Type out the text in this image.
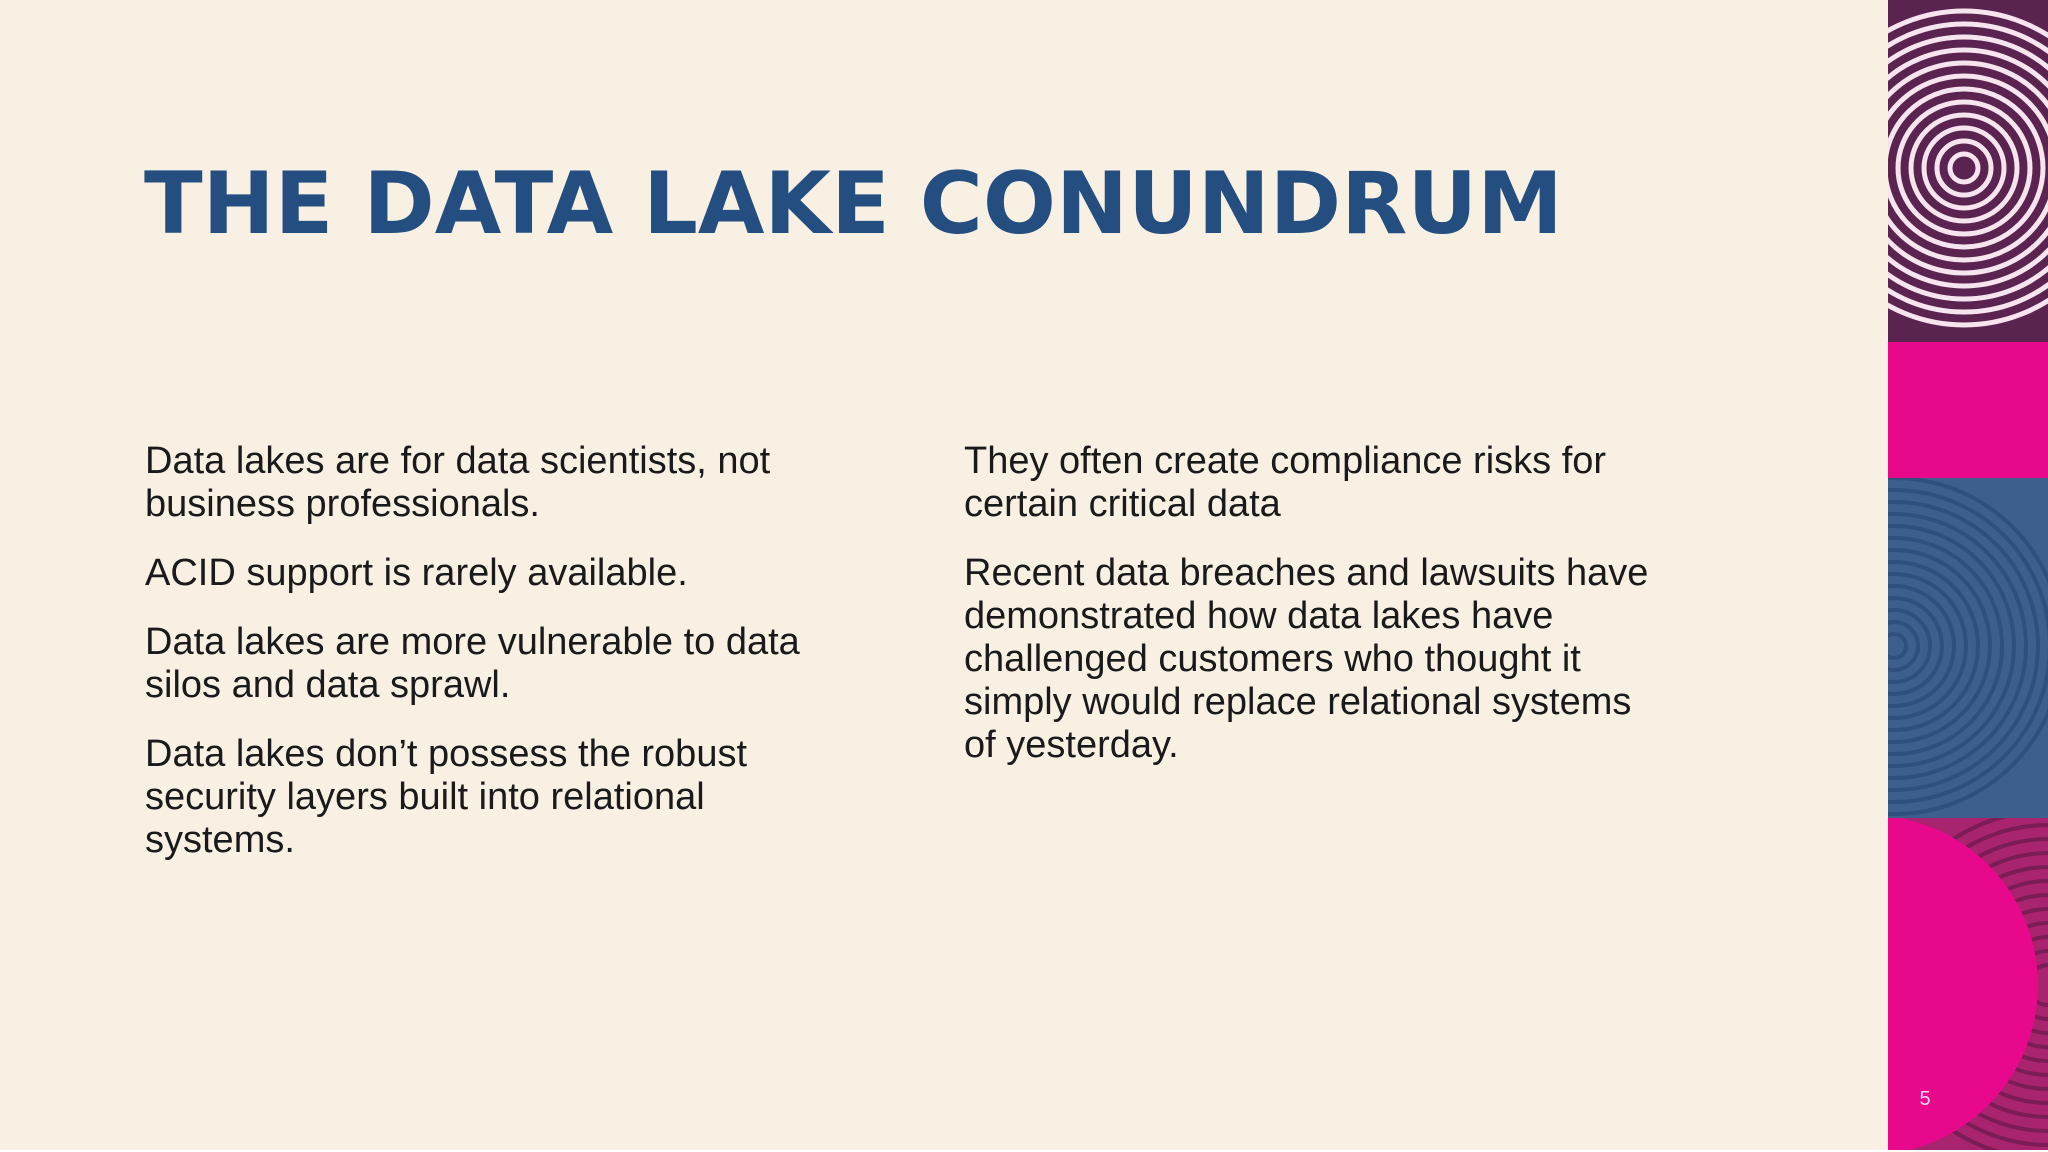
THE DATA LAKE CONUNDRUM

Data lakes are for data scientists, not business professionals.

ACID support is rarely available.

Data lakes are more vulnerable to data silos and data sprawl.

Data lakes don’t possess the robust security layers built into relational systems.

They often create compliance risks for certain critical data

Recent data breaches and lawsuits have demonstrated how data lakes have challenged customers who thought it simply would replace relational systems of yesterday.

5
